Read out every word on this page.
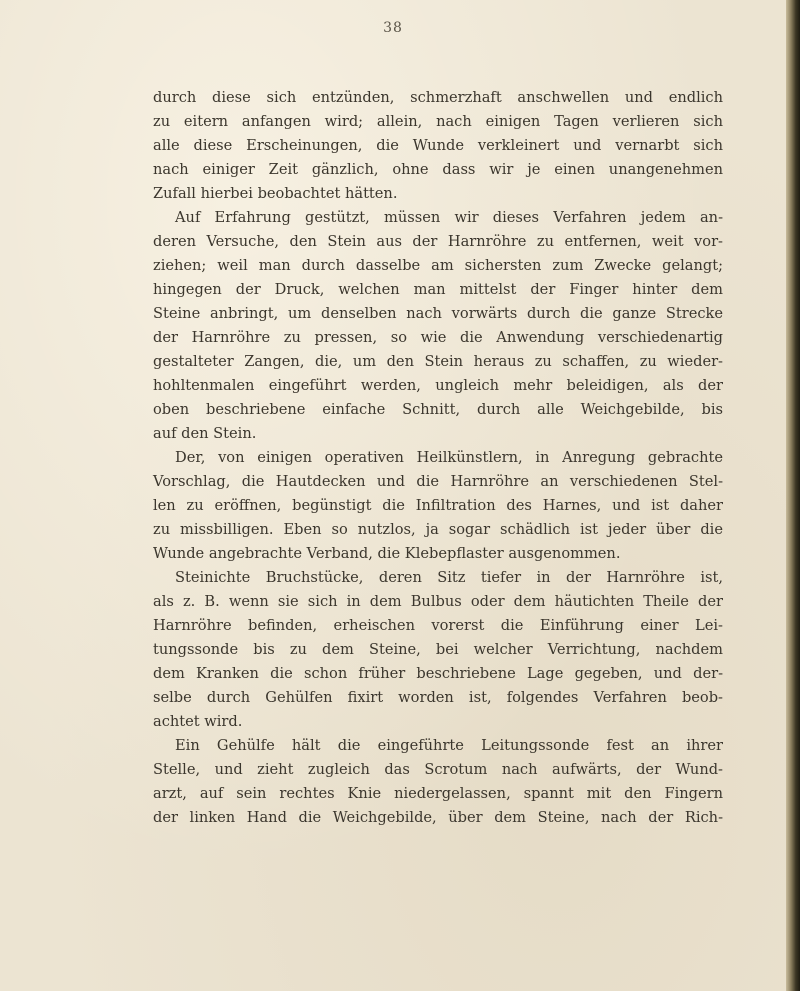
38
durch diese sich entzünden, schmerzhaft anschwellen und endlich
zu eitern anfangen wird; allein, nach einigen Tagen verlieren sich
alle diese Erscheinungen, die Wunde verkleinert und vernarbt sich
nach einiger Zeit gänzlich, ohne dass wir je einen unangenehmen
Zufall hierbei beobachtet hätten.
Auf Erfahrung gestützt, müssen wir dieses Verfahren jedem an-
deren Versuche, den Stein aus der Harnröhre zu entfernen, weit vor-
ziehen; weil man durch dasselbe am sichersten zum Zwecke gelangt;
hingegen der Druck, welchen man mittelst der Finger hinter dem
Steine anbringt, um denselben nach vorwärts durch die ganze Strecke
der Harnröhre zu pressen, so wie die Anwendung verschiedenartig
gestalteter Zangen, die, um den Stein heraus zu schaffen, zu wieder-
hohltenmalen eingeführt werden, ungleich mehr beleidigen, als der
oben beschriebene einfache Schnitt, durch alle Weichgebilde, bis
auf den Stein.
Der, von einigen operativen Heilkünstlern, in Anregung gebrachte
Vorschlag, die Hautdecken und die Harnröhre an verschiedenen Stel-
len zu eröffnen, begünstigt die Infiltration des Harnes, und ist daher
zu missbilligen. Eben so nutzlos, ja sogar schädlich ist jeder über die
Wunde angebrachte Verband, die Klebepflaster ausgenommen.
Steinichte Bruchstücke, deren Sitz tiefer in der Harnröhre ist,
als z. B. wenn sie sich in dem Bulbus oder dem häutichten Theile der
Harnröhre befinden, erheischen vorerst die Einführung einer Lei-
tungssonde bis zu dem Steine, bei welcher Verrichtung, nachdem
dem Kranken die schon früher beschriebene Lage gegeben, und der-
selbe durch Gehülfen fixirt worden ist, folgendes Verfahren beob-
achtet wird.
Ein Gehülfe hält die eingeführte Leitungssonde fest an ihrer
Stelle, und zieht zugleich das Scrotum nach aufwärts, der Wund-
arzt, auf sein rechtes Knie niedergelassen, spannt mit den Fingern
der linken Hand die Weichgebilde, über dem Steine, nach der Rich-
